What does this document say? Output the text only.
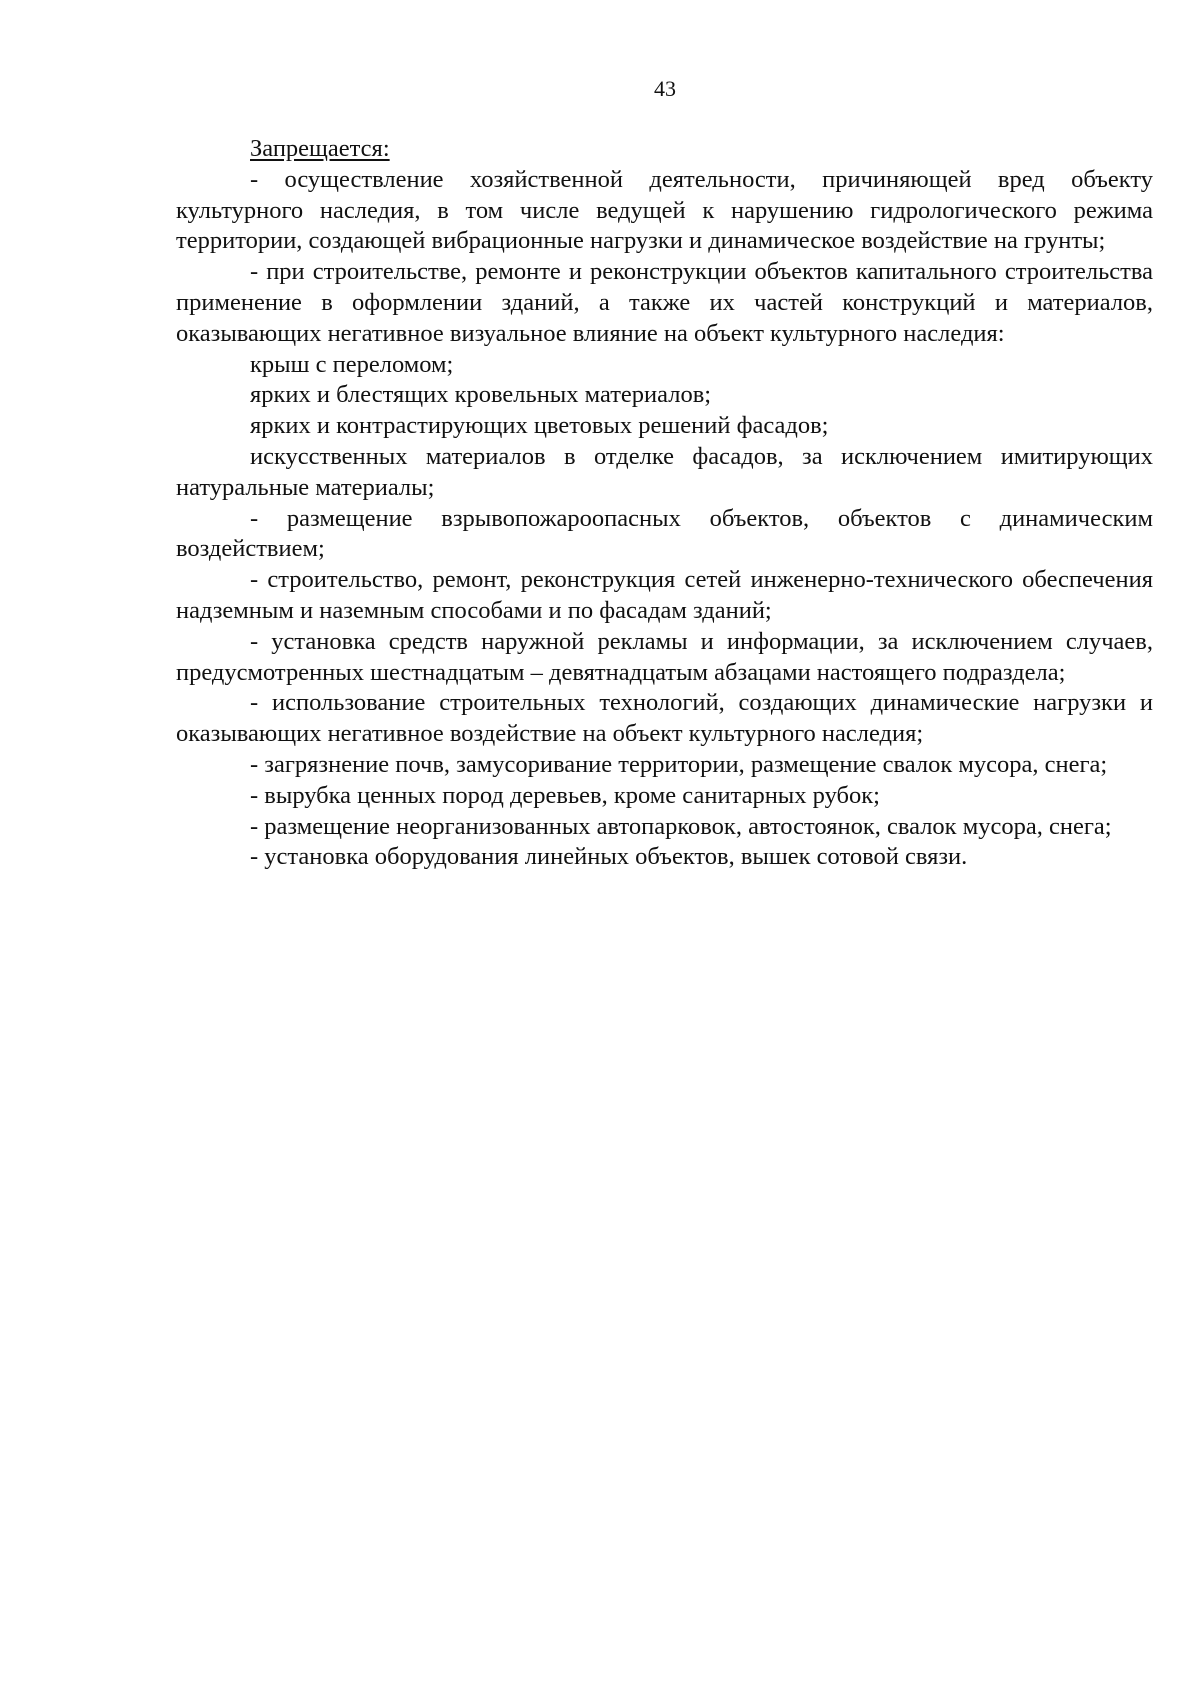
43

Запрещается:

- осуществление хозяйственной деятельности, причиняющей вред объекту культурного наследия, в том числе ведущей к нарушению гидрологического режима территории, создающей вибрационные нагрузки и динамическое воздействие на грунты;

- при строительстве, ремонте и реконструкции объектов капитального строительства применение в оформлении зданий, а также их частей конструкций и материалов, оказывающих негативное визуальное влияние на объект культурного наследия:

крыш с переломом;

ярких и блестящих кровельных материалов;

ярких и контрастирующих цветовых решений фасадов;

искусственных материалов в отделке фасадов, за исключением имитирующих натуральные материалы;

- размещение взрывопожароопасных объектов, объектов с динамическим воздействием;

- строительство, ремонт, реконструкция сетей инженерно-технического обеспечения надземным и наземным способами и по фасадам зданий;

- установка средств наружной рекламы и информации, за исключением случаев, предусмотренных шестнадцатым – девятнадцатым абзацами настоящего подраздела;

- использование строительных технологий, создающих динамические нагрузки и оказывающих негативное воздействие на объект культурного наследия;

- загрязнение почв, замусоривание территории, размещение свалок мусора, снега;

- вырубка ценных пород деревьев, кроме санитарных рубок;

- размещение неорганизованных автопарковок, автостоянок, свалок мусора, снега;

- установка оборудования линейных объектов, вышек сотовой связи.
